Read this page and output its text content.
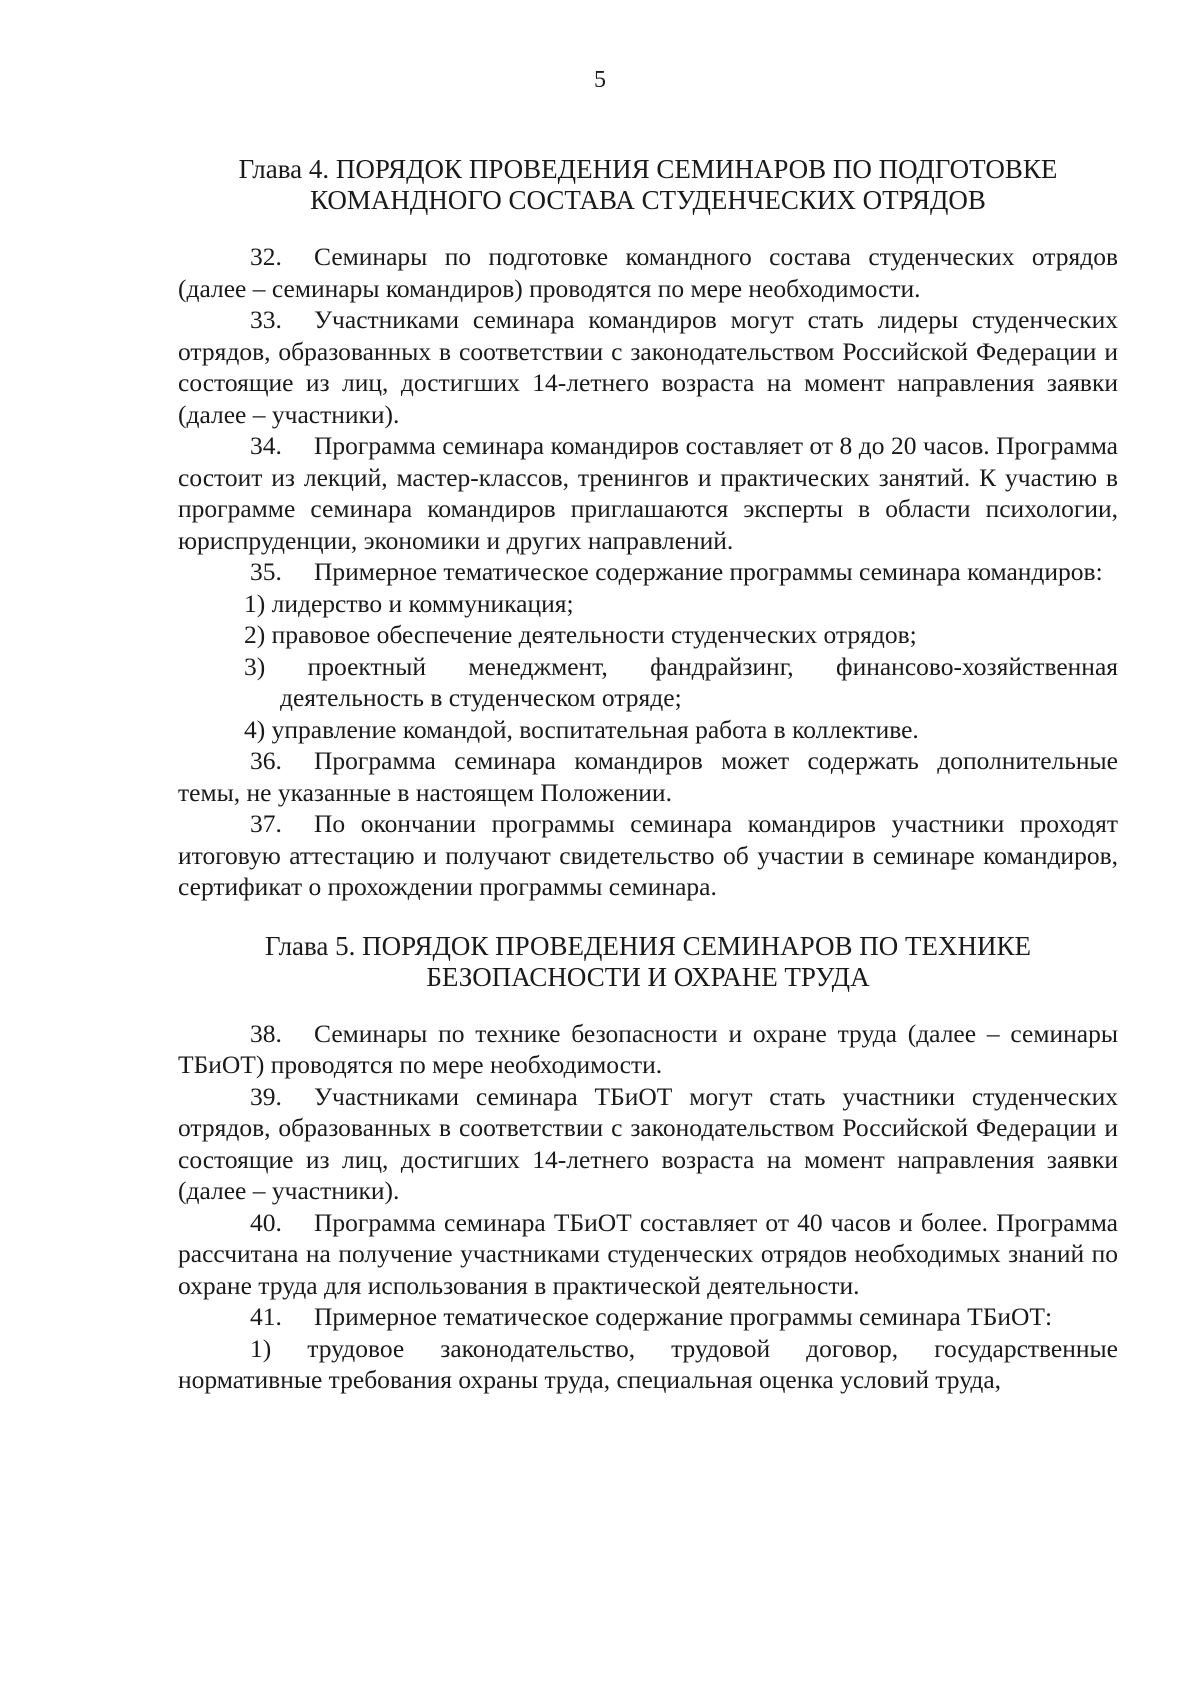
5
Глава 4. ПОРЯДОК ПРОВЕДЕНИЯ СЕМИНАРОВ ПО ПОДГОТОВКЕ
КОМАНДНОГО СОСТАВА СТУДЕНЧЕСКИХ ОТРЯДОВ

32. Семинары по подготовке командного состава студенческих отрядов (далее – семинары командиров) проводятся по мере необходимости.

33. Участниками семинара командиров могут стать лидеры студенческих отрядов, образованных в соответствии с законодательством Российской Федерации и состоящие из лиц, достигших 14-летнего возраста на момент направления заявки (далее – участники).

34. Программа семинара командиров составляет от 8 до 20 часов. Программа состоит из лекций, мастер-классов, тренингов и практических занятий. К участию в программе семинара командиров приглашаются эксперты в области психологии, юриспруденции, экономики и других направлений.

35. Примерное тематическое содержание программы семинара командиров:

1) лидерство и коммуникация;

2) правовое обеспечение деятельности студенческих отрядов;

3) проектный менеджмент, фандрайзинг, финансово-хозяйственная деятельность в студенческом отряде;

4) управление командой, воспитательная работа в коллективе.

36. Программа семинара командиров может содержать дополнительные темы, не указанные в настоящем Положении.

37. По окончании программы семинара командиров участники проходят итоговую аттестацию и получают свидетельство об участии в семинаре командиров, сертификат о прохождении программы семинара.

Глава 5. ПОРЯДОК ПРОВЕДЕНИЯ СЕМИНАРОВ ПО ТЕХНИКЕ
БЕЗОПАСНОСТИ И ОХРАНЕ ТРУДА

38. Семинары по технике безопасности и охране труда (далее – семинары ТБиОТ) проводятся по мере необходимости.

39. Участниками семинара ТБиОТ могут стать участники студенческих отрядов, образованных в соответствии с законодательством Российской Федерации и состоящие из лиц, достигших 14-летнего возраста на момент направления заявки (далее – участники).

40. Программа семинара ТБиОТ составляет от 40 часов и более. Программа рассчитана на получение участниками студенческих отрядов необходимых знаний по охране труда для использования в практической деятельности.

41. Примерное тематическое содержание программы семинара ТБиОТ:

1) трудовое законодательство, трудовой договор, государственные нормативные требования охраны труда, специальная оценка условий труда,
